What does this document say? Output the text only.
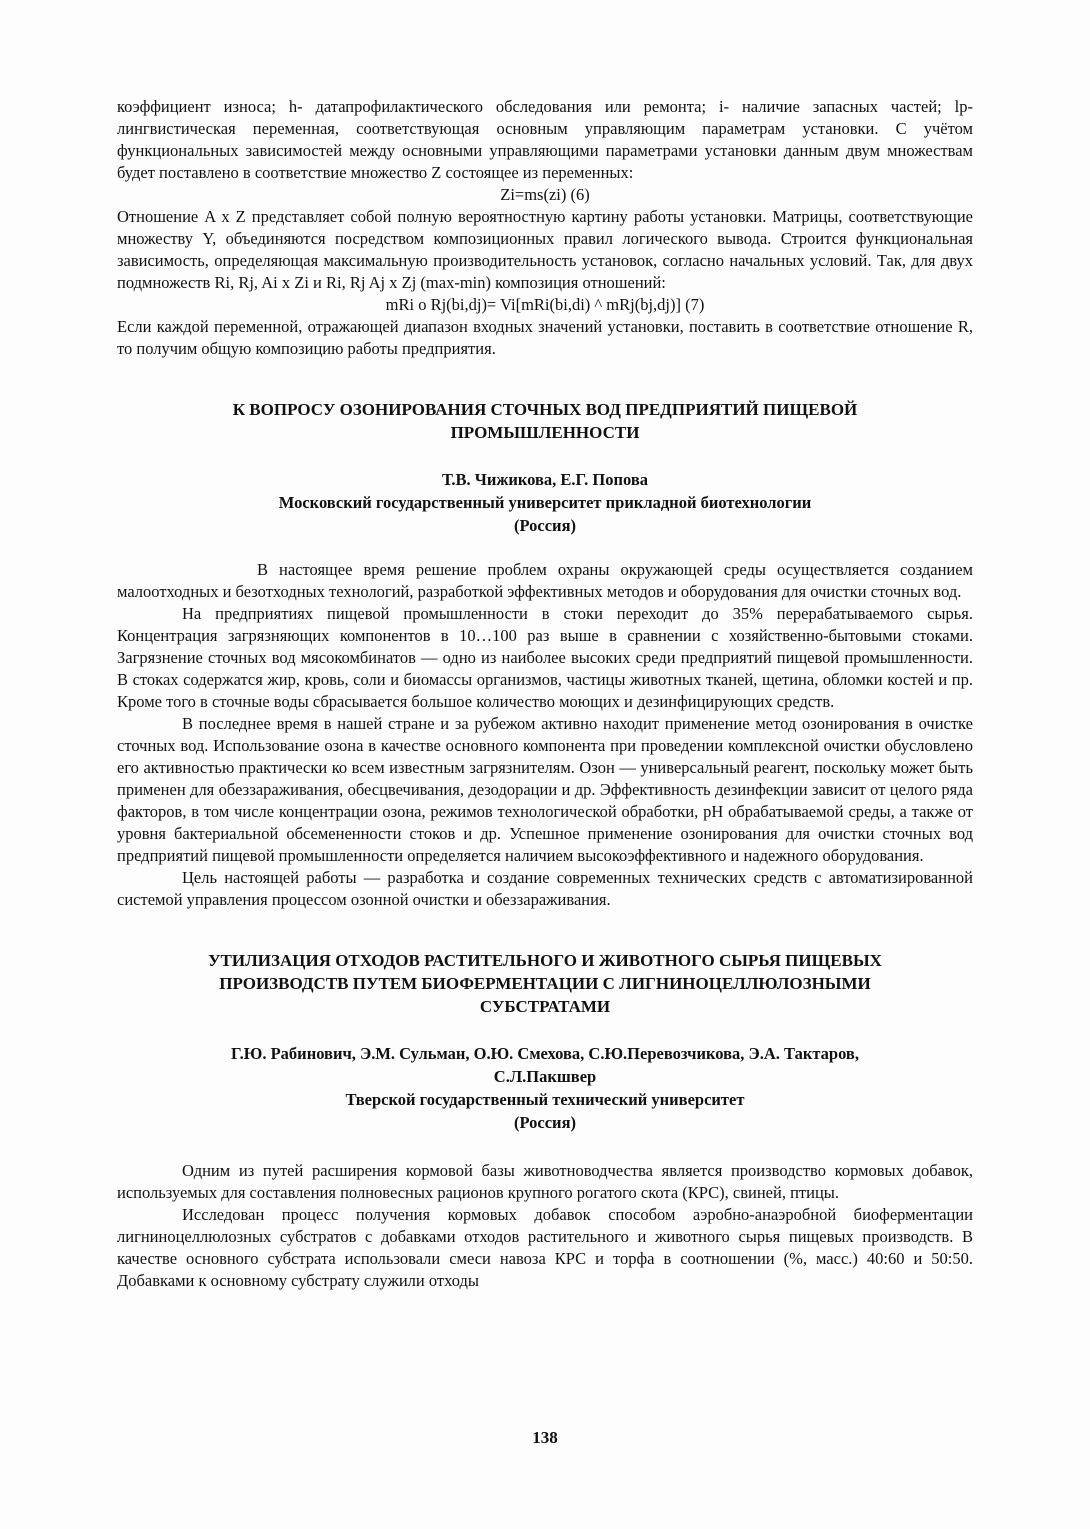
коэффициент износа; h- датапрофилактического обследования или ремонта; i- наличие запасных частей; lp- лингвистическая переменная, соответствующая основным управляющим параметрам установки. С учётом функциональных зависимостей между основными управляющими параметрами установки данным двум множествам будет поставлено в соответствие множество Z состоящее из переменных:

Zi=ms(zi) (6)

Отношение A x Z представляет собой полную вероятностную картину работы установки. Матрицы, соответствующие множеству Y, объединяются посредством композиционных правил логического вывода. Строится функциональная зависимость, определяющая максимальную производительность установок, согласно начальных условий. Так, для двух подмножеств Ri, Rj, Ai x Zi и Ri, Rj Aj x Zj (max-min) композиция отношений:

mRi o Rj(bi,dj)= Vi[mRi(bi,di) ^ mRj(bj,dj)] (7)

Если каждой переменной, отражающей диапазон входных значений установки, поставить в соответствие отношение R, то получим общую композицию работы предприятия.

К ВОПРОСУ ОЗОНИРОВАНИЯ СТОЧНЫХ ВОД ПРЕДПРИЯТИЙ ПИЩЕВОЙ
ПРОМЫШЛЕННОСТИ
Т.В. Чижикова, Е.Г. Попова
Московский государственный университет прикладной биотехнологии
(Россия)

В настоящее время решение проблем охраны окружающей среды осуществляется созданием малоотходных и безотходных технологий, разработкой эффективных методов и оборудования для очистки сточных вод.

На предприятиях пищевой промышленности в стоки переходит до 35% перерабатываемого сырья. Концентрация загрязняющих компонентов в 10…100 раз выше в сравнении с хозяйственно-бытовыми стоками. Загрязнение сточных вод мясокомбинатов — одно из наиболее высоких среди предприятий пищевой промышленности. В стоках содержатся жир, кровь, соли и биомассы организмов, частицы животных тканей, щетина, обломки костей и пр. Кроме того в сточные воды сбрасывается большое количество моющих и дезинфицирующих средств.

В последнее время в нашей стране и за рубежом активно находит применение метод озонирования в очистке сточных вод. Использование озона в качестве основного компонента при проведении комплексной очистки обусловлено его активностью практически ко всем известным загрязнителям. Озон — универсальный реагент, поскольку может быть применен для обеззараживания, обесцвечивания, дезодорации и др. Эффективность дезинфекции зависит от целого ряда факторов, в том числе концентрации озона, режимов технологической обработки, pH обрабатываемой среды, а также от уровня бактериальной обсемененности стоков и др. Успешное применение озонирования для очистки сточных вод предприятий пищевой промышленности определяется наличием высокоэффективного и надежного оборудования.

Цель настоящей работы — разработка и создание современных технических средств с автоматизированной системой управления процессом озонной очистки и обеззараживания.

УТИЛИЗАЦИЯ ОТХОДОВ РАСТИТЕЛЬНОГО И ЖИВОТНОГО СЫРЬЯ ПИЩЕВЫХ
ПРОИЗВОДСТВ ПУТЕМ БИОФЕРМЕНТАЦИИ С ЛИГНИНОЦЕЛЛЮЛОЗНЫМИ
СУБСТРАТАМИ
Г.Ю. Рабинович, Э.М. Сульман, О.Ю. Смехова, С.Ю.Перевозчикова, Э.А. Тактаров,
С.Л.Пакшвер
Тверской государственный технический университет
(Россия)

Одним из путей расширения кормовой базы животноводчества является производство кормовых добавок, используемых для составления полновесных рационов крупного рогатого скота (КРС), свиней, птицы.

Исследован процесс получения кормовых добавок способом аэробно-анаэробной биоферментации лигниноцеллюлозных субстратов с добавками отходов растительного и животного сырья пищевых производств. В качестве основного субстрата использовали смеси навоза КРС и торфа в соотношении (%, масс.) 40:60 и 50:50. Добавками к основному субстрату служили отходы

138
